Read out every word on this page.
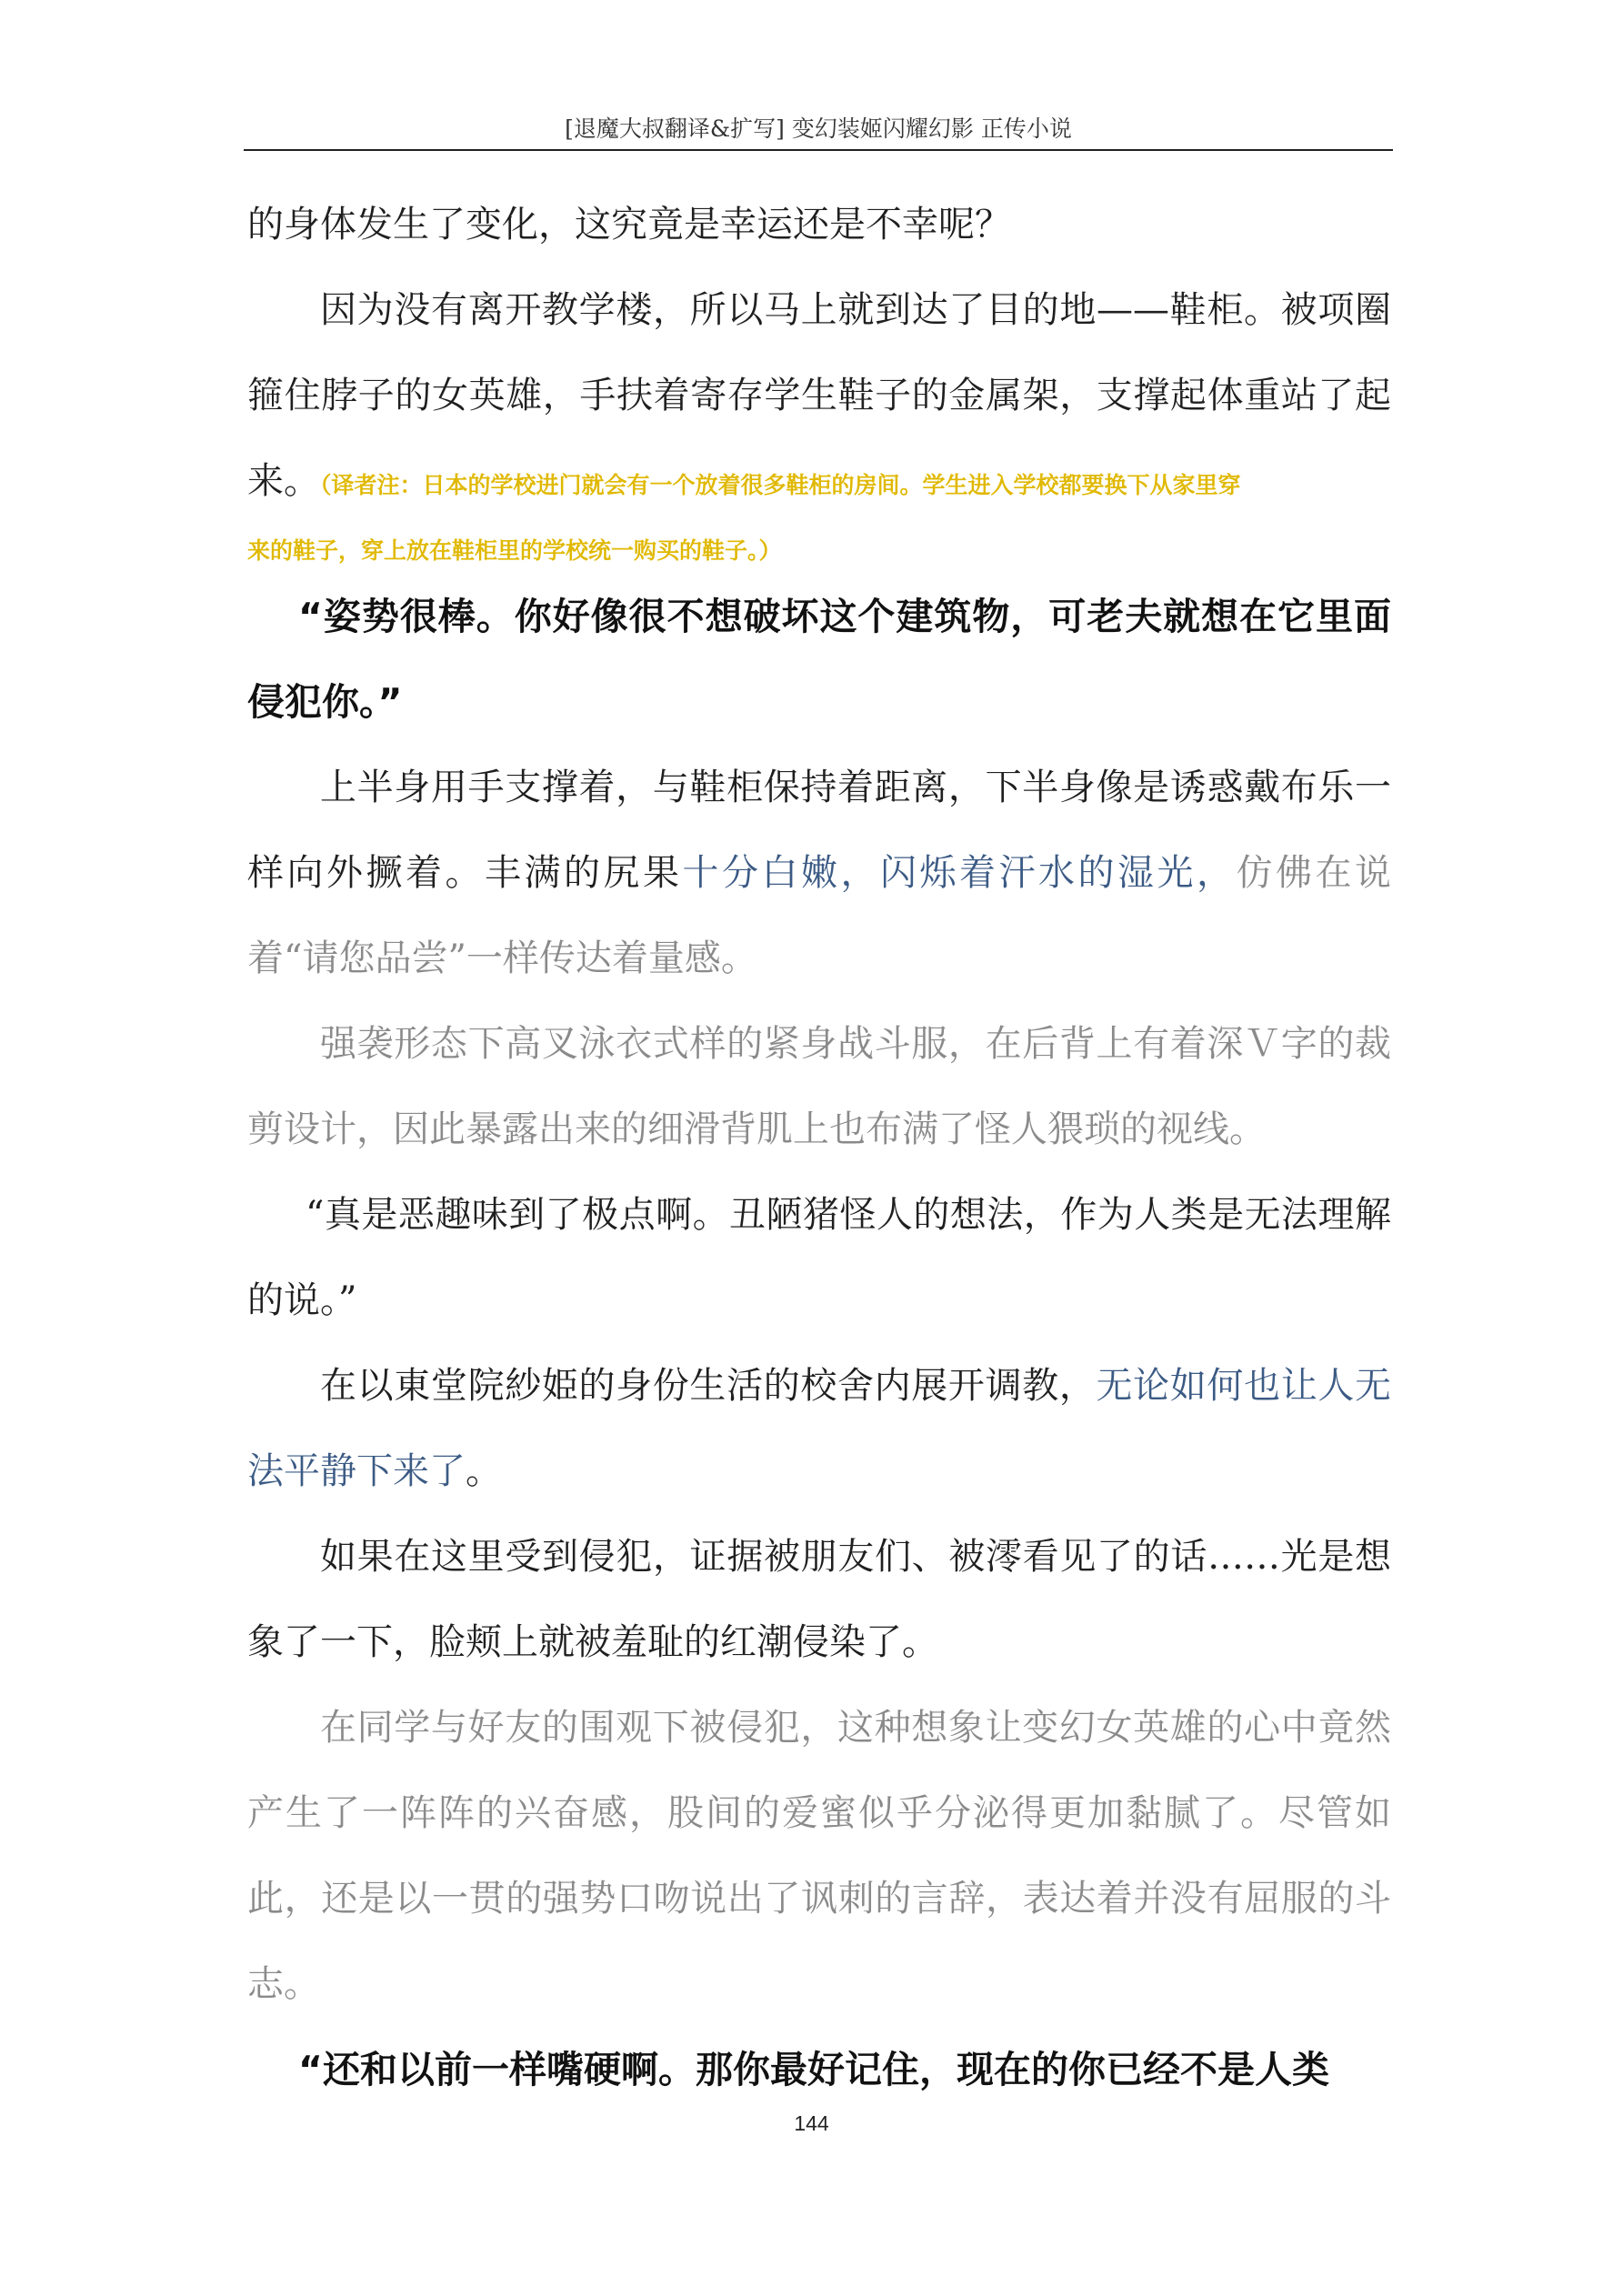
[退魔大叔翻译&扩写] 变幻装姬闪耀幻影 正传小说

的身体发生了变化，这究竟是幸运还是不幸呢？

因为没有离开教学楼，所以马上就到达了目的地——鞋柜。被项圈箍住脖子的女英雄，手扶着寄存学生鞋子的金属架，支撑起体重站了起来。（译者注：日本的学校进门就会有一个放着很多鞋柜的房间。学生进入学校都要换下从家里穿

来的鞋子，穿上放在鞋柜里的学校统一购买的鞋子。）

“姿势很棒。你好像很不想破坏这个建筑物，可老夫就想在它里面侵犯你。”

上半身用手支撑着，与鞋柜保持着距离，下半身像是诱惑戴布乐一样向外撅着。丰满的尻果十分白嫩，闪烁着汗水的湿光，仿佛在说着“请您品尝”一样传达着量感。

强袭形态下高叉泳衣式样的紧身战斗服，在后背上有着深Ｖ字的裁剪设计，因此暴露出来的细滑背肌上也布满了怪人猥琐的视线。

“真是恶趣味到了极点啊。丑陋猪怪人的想法，作为人类是无法理解的说。”

在以東堂院紗姫的身份生活的校舍内展开调教，无论如何也让人无法平静下来了。

如果在这里受到侵犯，证据被朋友们、被澪看见了的话……光是想象了一下，脸颊上就被羞耻的红潮侵染了。

在同学与好友的围观下被侵犯，这种想象让变幻女英雄的心中竟然产生了一阵阵的兴奋感，股间的爱蜜似乎分泌得更加黏腻了。尽管如此，还是以一贯的强势口吻说出了讽刺的言辞，表达着并没有屈服的斗志。

“还和以前一样嘴硬啊。那你最好记住，现在的你已经不是人类

144
